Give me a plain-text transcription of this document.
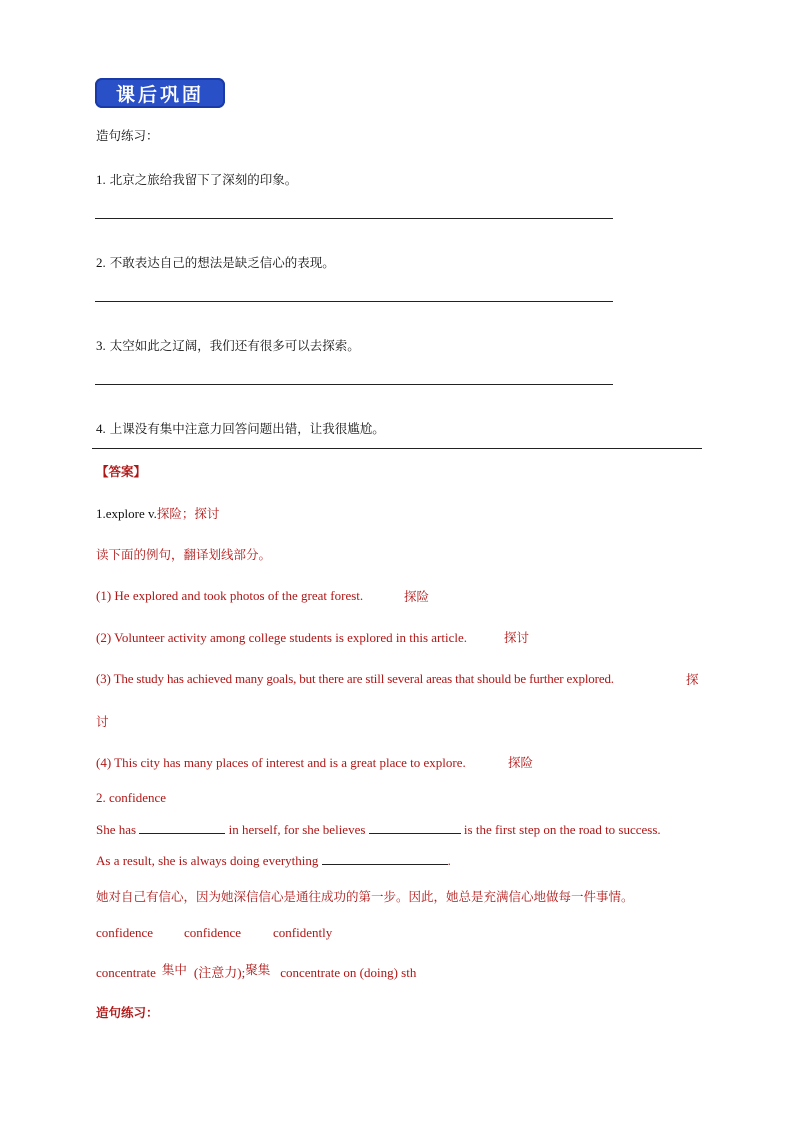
课后巩固
造句练习：
1. 北京之旅给我留下了深刻的印象。
2. 不敢表达自己的想法是缺乏信心的表现。
3. 太空如此之辽阔，我们还有很多可以去探索。
4. 上课没有集中注意力回答问题出错，让我很尴尬。
【答案】
1.explore v.探险；探讨
读下面的例句，翻译划线部分。
(1) He explored and took photos of the great forest.	探险
(2) Volunteer activity among college students is explored in this article.	探讨
(3) The study has achieved many goals, but there are still several areas that should be further explored.	探
讨
(4) This city has many places of interest and is a great place to explore.	探险
2. confidence
She has	in herself, for she believes	is the first step on the road to success.
As a result, she is always doing everything	.
她对自己有信心，因为她深信信心是通往成功的第一步。因此，她总是充满信心地做每一件事情。
confidence confidence confidently
concentrate 集中 (注意力);聚集 concentrate on (doing) sth
造句练习：
